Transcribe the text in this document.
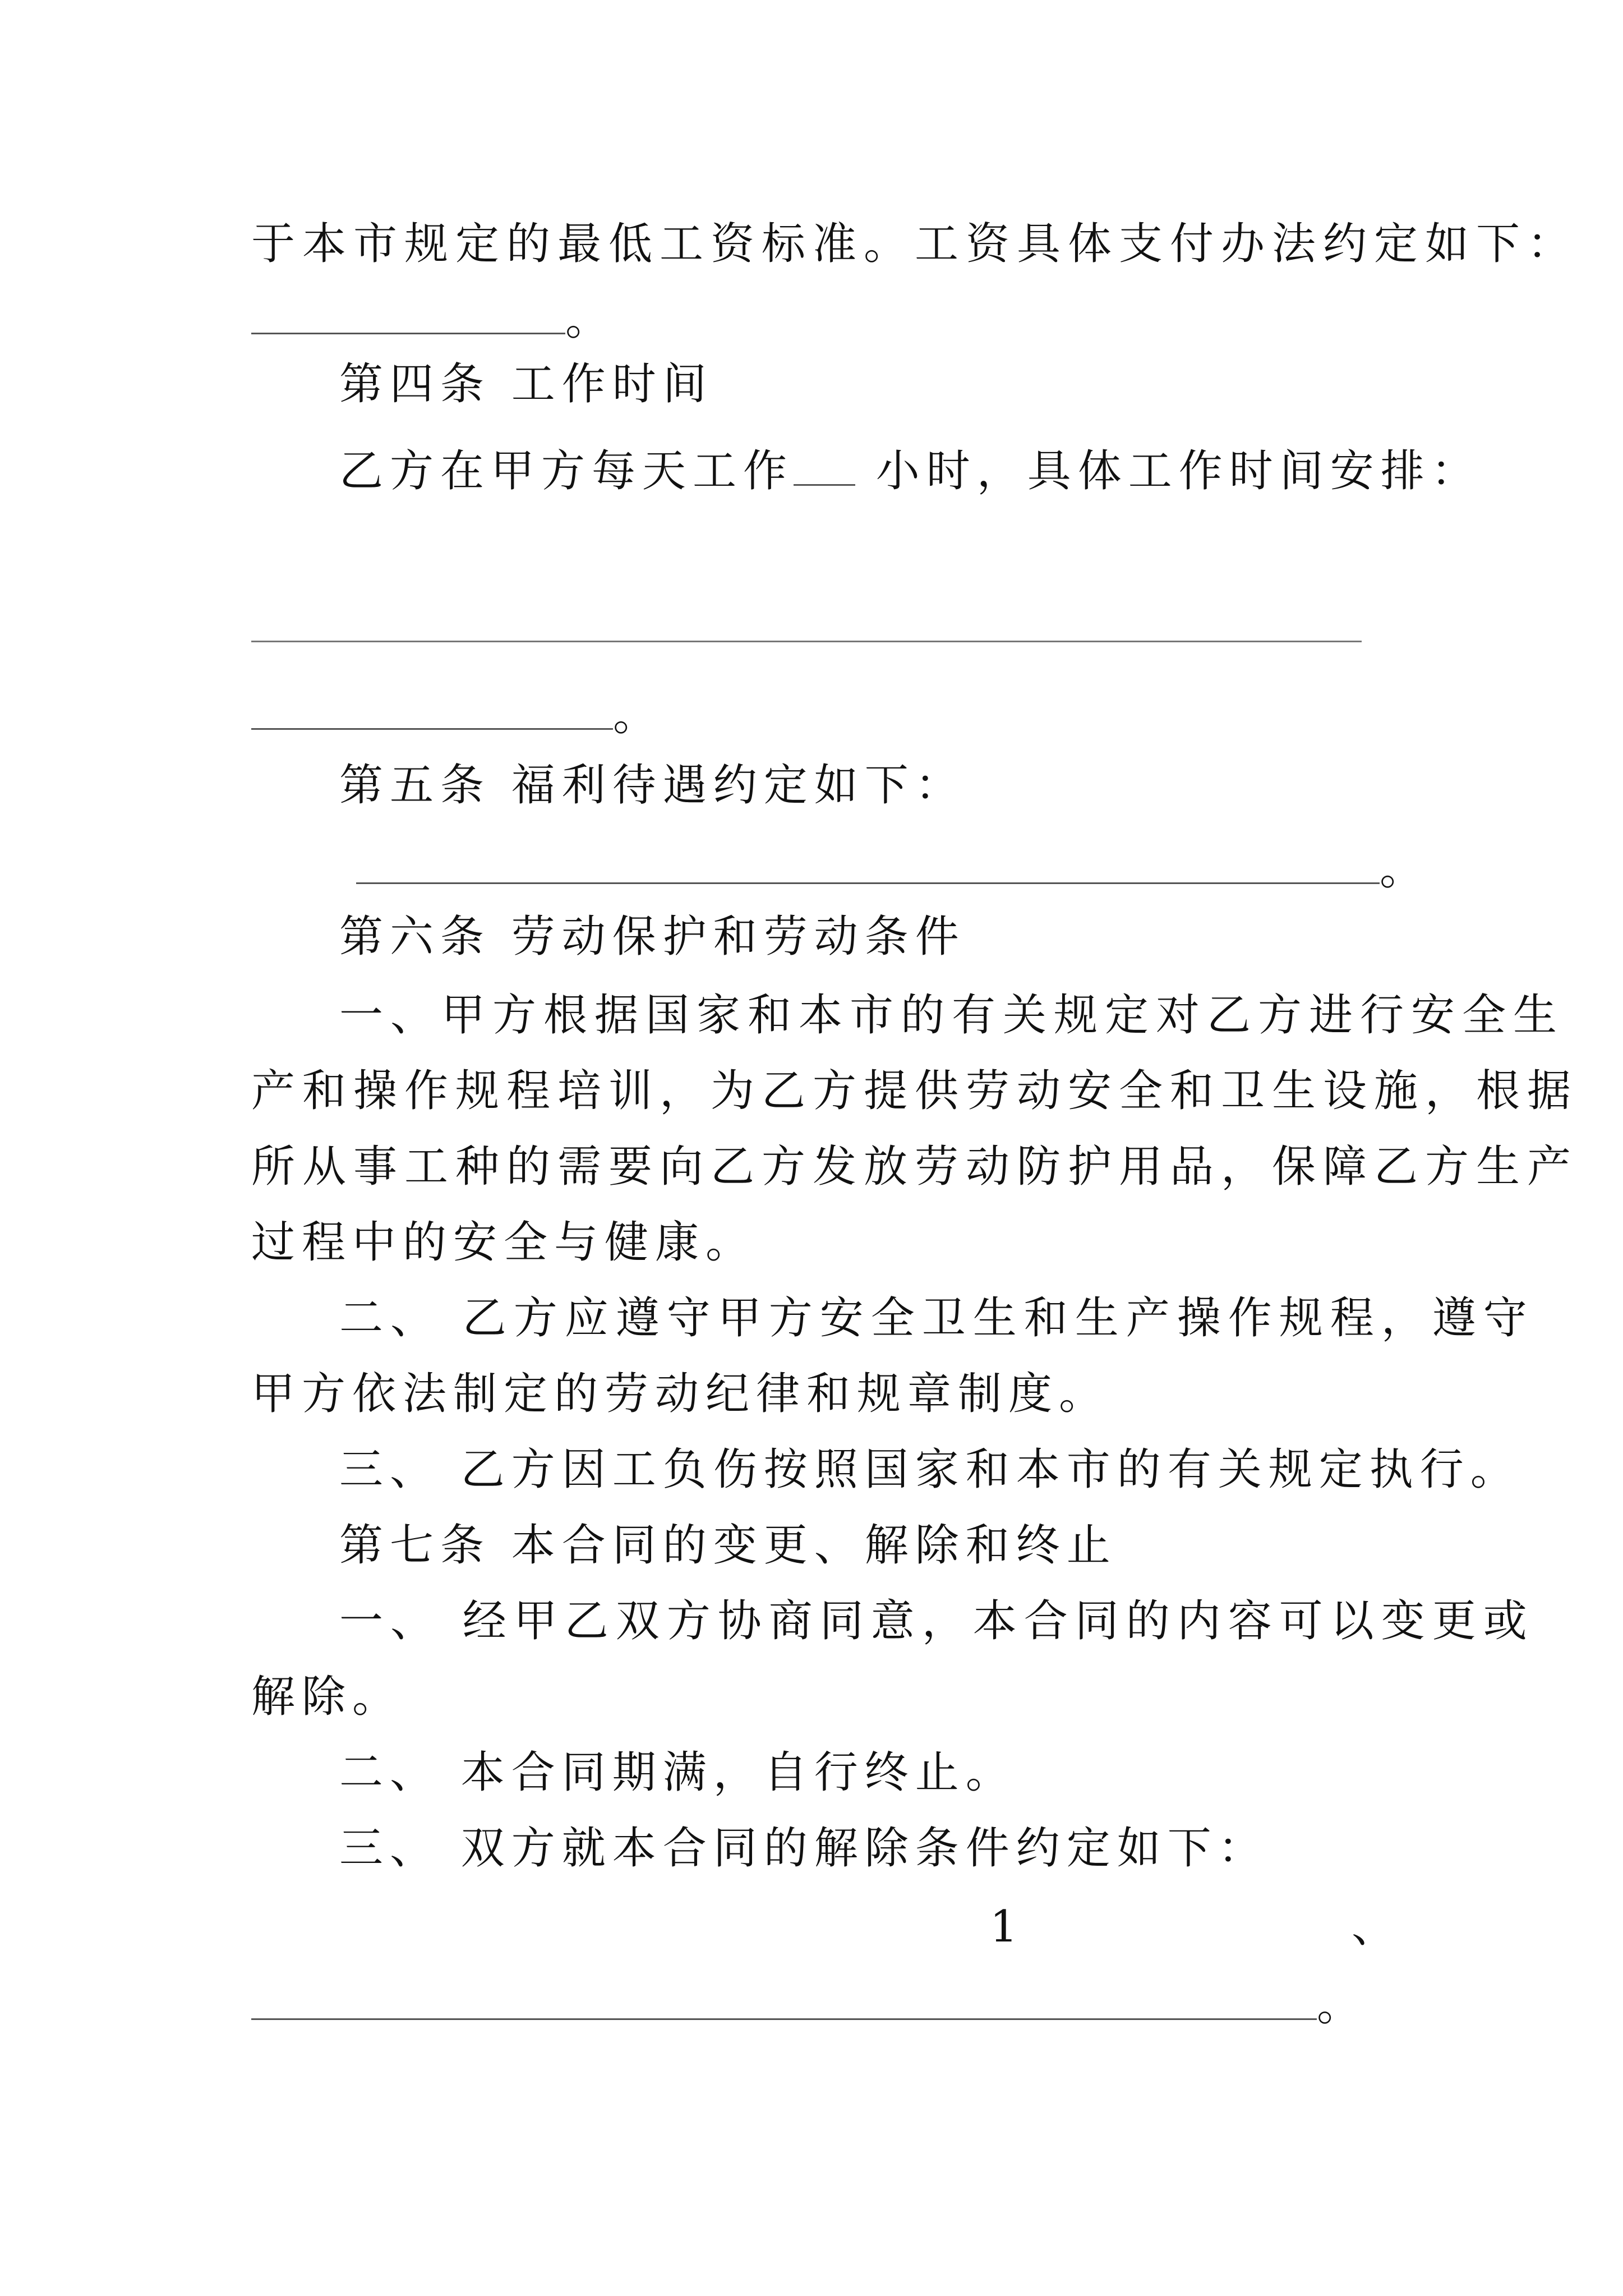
于本市规定的最低工资标准。工资具体支付办法约定如下：
。
第四条 工作时间
乙方在甲方每天工作 小时，具体工作时间安排：
。
第五条 福利待遇约定如下：
。
第六条 劳动保护和劳动条件
一、甲方根据国家和本市的有关规定对乙方进行安全生
产和操作规程培训，为乙方提供劳动安全和卫生设施，根据
所从事工种的需要向乙方发放劳动防护用品，保障乙方生产
过程中的安全与健康。
二、 乙方应遵守甲方安全卫生和生产操作规程，遵守
甲方依法制定的劳动纪律和规章制度。
三、 乙方因工负伤按照国家和本市的有关规定执行。
第七条 本合同的变更、解除和终止
一、 经甲乙双方协商同意，本合同的内容可以变更或
解除。
二、 本合同期满，自行终止。
三、 双方就本合同的解除条件约定如下：
1	、
。
